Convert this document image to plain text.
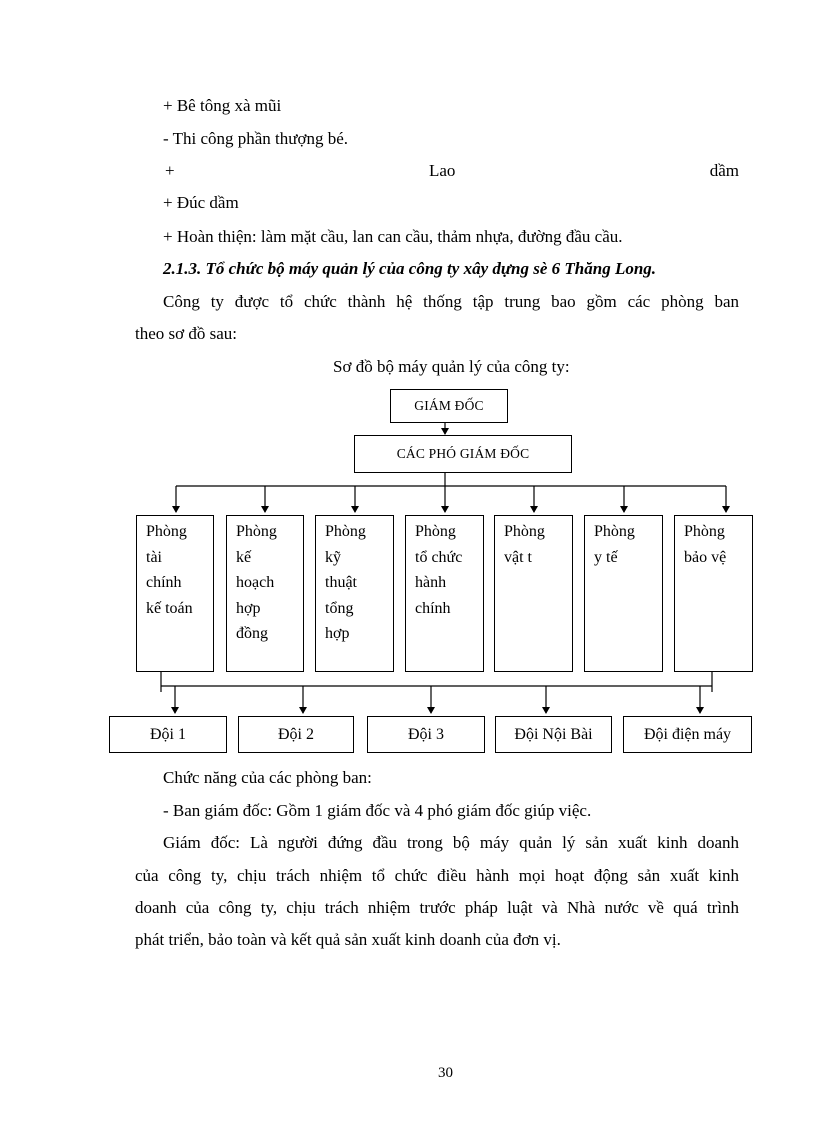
+ Bê tông xà mũi
- Thi công phần thượng bé.
+	Lao	dầm
+ Đúc dầm
+ Hoàn thiện: làm mặt cầu, lan can cầu, thảm nhựa, đường đầu cầu.
2.1.3. Tổ chức bộ máy quản lý của công ty xây dựng sè 6 Thăng Long.
Công ty được tổ chức thành hệ thống tập trung bao gồm các phòng ban
theo sơ đồ sau:
Sơ đồ bộ máy quản lý của công ty:
GIÁM ĐỐC
CÁC PHÓ GIÁM ĐỐC
Phòng
tài
chính
kế toán
Phòng
kế
hoạch
hợp
đồng
Phòng
kỹ
thuật
tổng
hợp
Phòng
tổ chức
hành
chính
Phòng
vật t
Phòng
y tế
Phòng
bảo vệ
Đội 1	Đội 2	Đội 3	Đội Nội Bài	Đội điện máy
Chức năng của các phòng ban:
- Ban giám đốc: Gồm 1 giám đốc và 4 phó giám đốc giúp việc.
Giám đốc: Là người đứng đầu trong bộ máy quản lý sản xuất kinh doanh
của công ty, chịu trách nhiệm tổ chức điều hành mọi hoạt động sản xuất kinh
doanh của công ty, chịu trách nhiệm trước pháp luật và Nhà nước về quá trình
phát triển, bảo toàn và kết quả sản xuất kinh doanh của đơn vị.
30
